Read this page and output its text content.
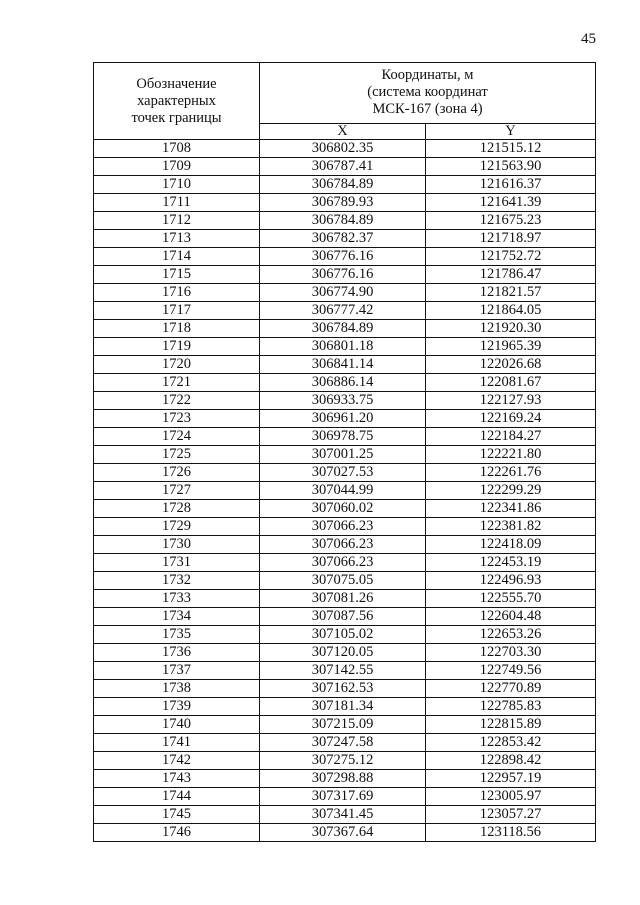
45
Обозначение
характерных
точек границы	Координаты, м
(система координат
МСК-167 (зона 4)	
	X	Y
1708	306802.35	121515.12
1709	306787.41	121563.90
1710	306784.89	121616.37
1711	306789.93	121641.39
1712	306784.89	121675.23
1713	306782.37	121718.97
1714	306776.16	121752.72
1715	306776.16	121786.47
1716	306774.90	121821.57
1717	306777.42	121864.05
1718	306784.89	121920.30
1719	306801.18	121965.39
1720	306841.14	122026.68
1721	306886.14	122081.67
1722	306933.75	122127.93
1723	306961.20	122169.24
1724	306978.75	122184.27
1725	307001.25	122221.80
1726	307027.53	122261.76
1727	307044.99	122299.29
1728	307060.02	122341.86
1729	307066.23	122381.82
1730	307066.23	122418.09
1731	307066.23	122453.19
1732	307075.05	122496.93
1733	307081.26	122555.70
1734	307087.56	122604.48
1735	307105.02	122653.26
1736	307120.05	122703.30
1737	307142.55	122749.56
1738	307162.53	122770.89
1739	307181.34	122785.83
1740	307215.09	122815.89
1741	307247.58	122853.42
1742	307275.12	122898.42
1743	307298.88	122957.19
1744	307317.69	123005.97
1745	307341.45	123057.27
1746	307367.64	123118.56
